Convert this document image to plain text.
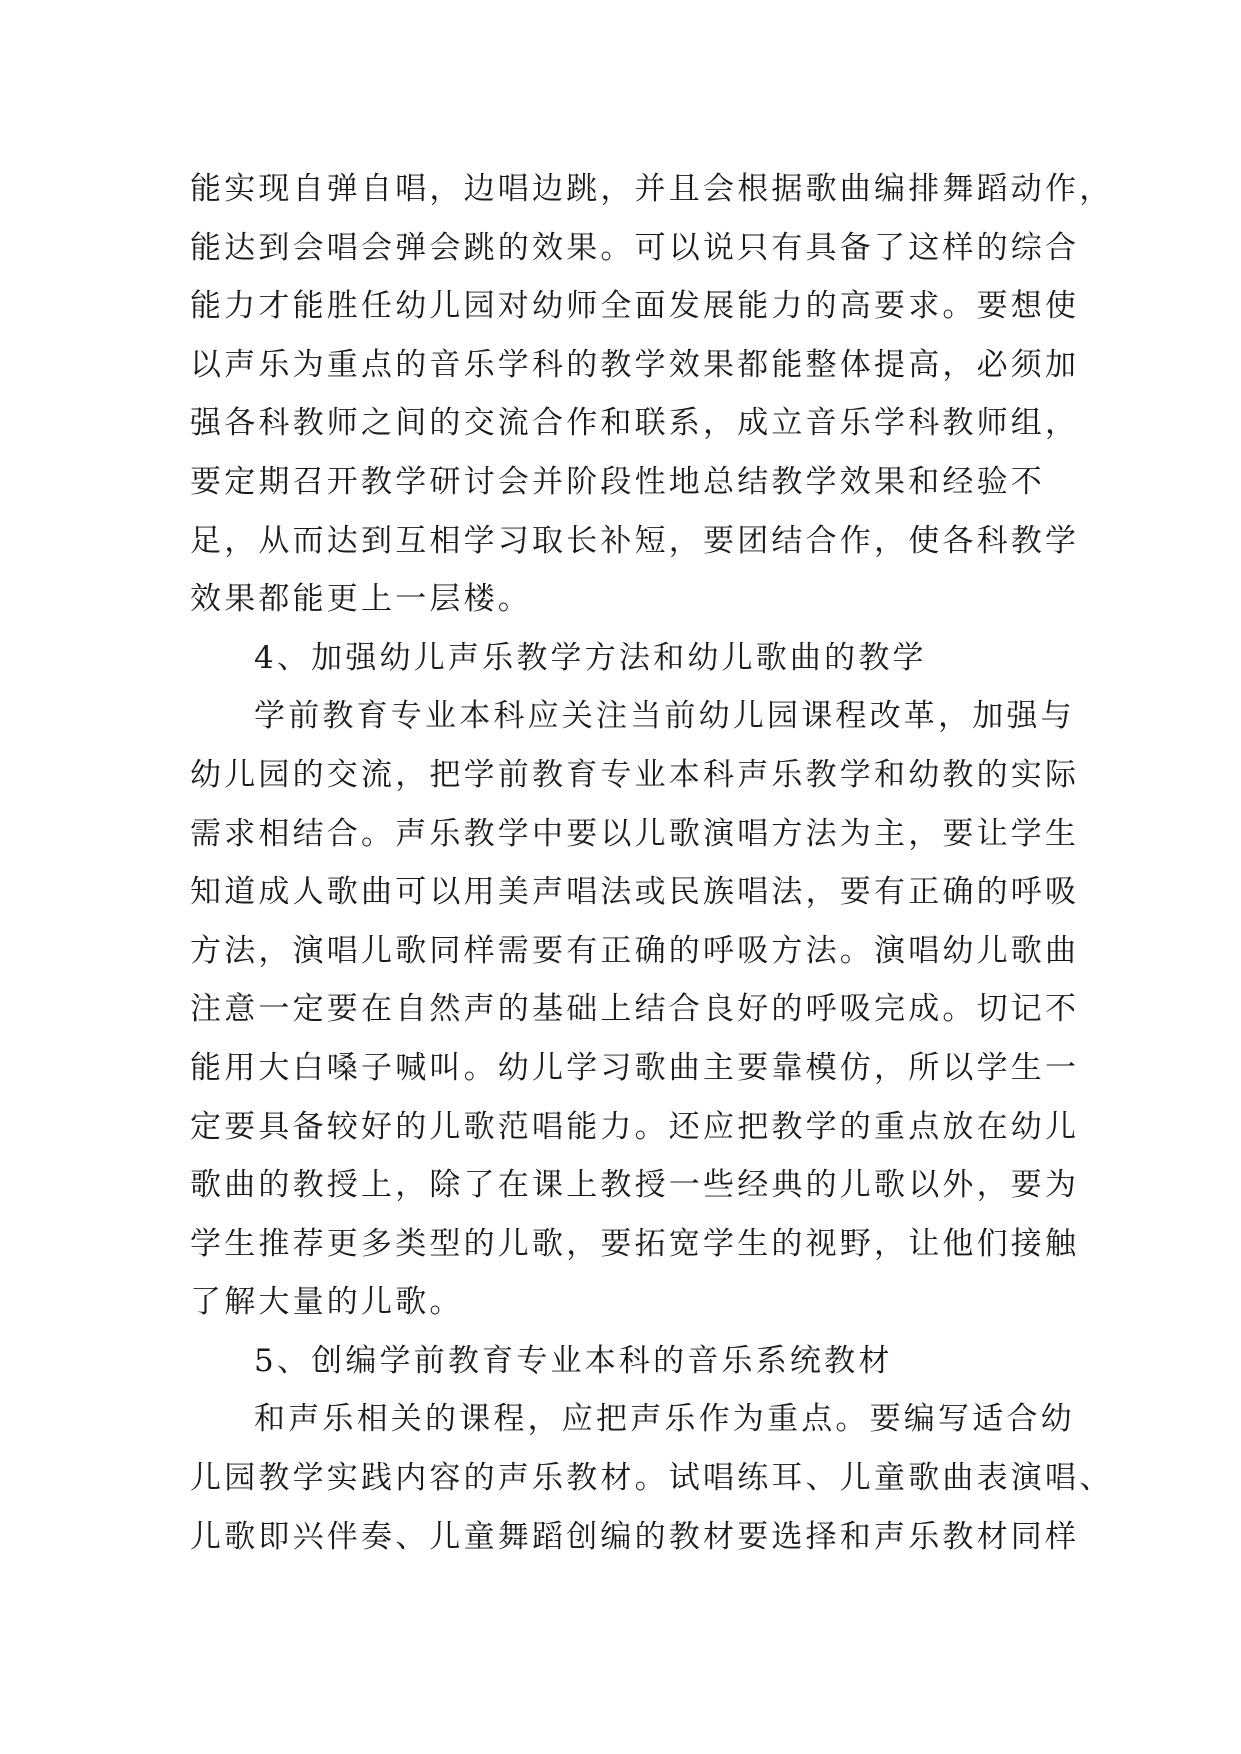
能实现自弹自唱，边唱边跳，并且会根据歌曲编排舞蹈动作，
能达到会唱会弹会跳的效果。可以说只有具备了这样的综合
能力才能胜任幼儿园对幼师全面发展能力的高要求。要想使
以声乐为重点的音乐学科的教学效果都能整体提高，必须加
强各科教师之间的交流合作和联系，成立音乐学科教师组，
要定期召开教学研讨会并阶段性地总结教学效果和经验不
足，从而达到互相学习取长补短，要团结合作，使各科教学
效果都能更上一层楼。
4、加强幼儿声乐教学方法和幼儿歌曲的教学
学前教育专业本科应关注当前幼儿园课程改革，加强与
幼儿园的交流，把学前教育专业本科声乐教学和幼教的实际
需求相结合。声乐教学中要以儿歌演唱方法为主，要让学生
知道成人歌曲可以用美声唱法或民族唱法，要有正确的呼吸
方法，演唱儿歌同样需要有正确的呼吸方法。演唱幼儿歌曲
注意一定要在自然声的基础上结合良好的呼吸完成。切记不
能用大白嗓子喊叫。幼儿学习歌曲主要靠模仿，所以学生一
定要具备较好的儿歌范唱能力。还应把教学的重点放在幼儿
歌曲的教授上，除了在课上教授一些经典的儿歌以外，要为
学生推荐更多类型的儿歌，要拓宽学生的视野，让他们接触
了解大量的儿歌。
5、创编学前教育专业本科的音乐系统教材
和声乐相关的课程，应把声乐作为重点。要编写适合幼
儿园教学实践内容的声乐教材。试唱练耳、儿童歌曲表演唱、
儿歌即兴伴奏、儿童舞蹈创编的教材要选择和声乐教材同样
